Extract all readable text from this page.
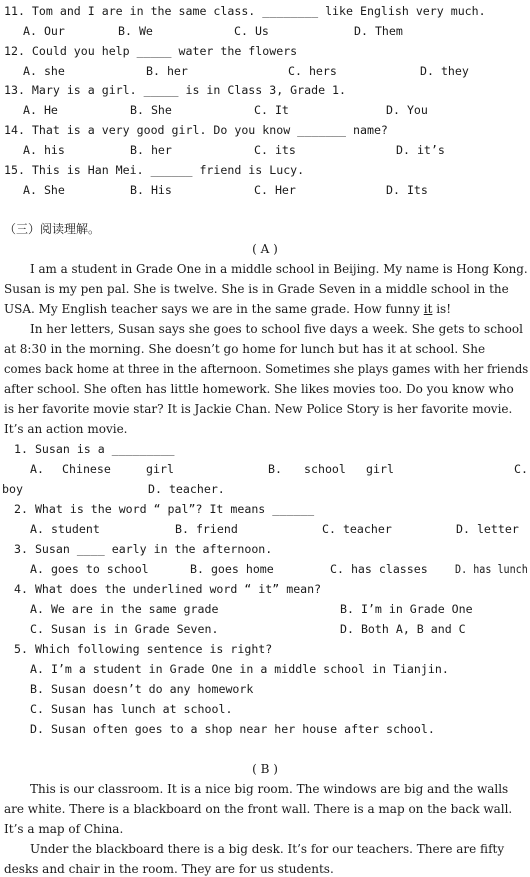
11. Tom and I are in the same class. ________ like English very much.
A. Our	B. We	C. Us	D. Them
12. Could you help _____ water the flowers
A. she	B. her	C. hers	D. they
13. Mary is a girl. _____ is in Class 3, Grade 1.
A. He	B. She	C. It	D. You
14. That is a very good girl. Do you know _______ name?
A. his	B. her	C. its	D. it’s
15. This is Han Mei. ______ friend is Lucy.
A. She	B. His	C. Her	D. Its
（三）阅读理解。
( A )
I am a student in Grade One in a middle school in Beijing. My name is Hong Kong.
Susan is my pen pal. She is twelve. She is in Grade Seven in a middle school in the
USA. My English teacher says we are in the same grade. How funny it is!
In her letters, Susan says she goes to school five days a week. She gets to school
at 8:30 in the morning. She doesn’t go home for lunch but has it at school. She
comes back home at three in the afternoon. Sometimes she plays games with her friends
after school. She often has little homework. She likes movies too. Do you know who
is her favorite movie star? It is Jackie Chan. New Police Story is her favorite movie.
It’s an action movie.
1. Susan is a _________
A. Chinese	girl	B. school girl	C.
boy	D. teacher.
2. What is the word “ pal”? It means ______
A. student	B. friend	C. teacher	D. letter
3. Susan ____ early in the afternoon.
A. goes to school	B. goes home	C. has classes D. has lunch
4. What does the underlined word “ it” mean?
A. We are in the same grade	B. I’m in Grade One
C. Susan is in Grade Seven.	D. Both A, B and C
5. Which following sentence is right?
A. I’m a student in Grade One in a middle school in Tianjin.
B. Susan doesn’t do any homework
C. Susan has lunch at school.
D. Susan often goes to a shop near her house after school.
( B )
This is our classroom. It is a nice big room. The windows are big and the walls
are white. There is a blackboard on the front wall. There is a map on the back wall.
It’s a map of China.
Under the blackboard there is a big desk. It’s for our teachers. There are fifty
desks and chair in the room. They are for us students.
